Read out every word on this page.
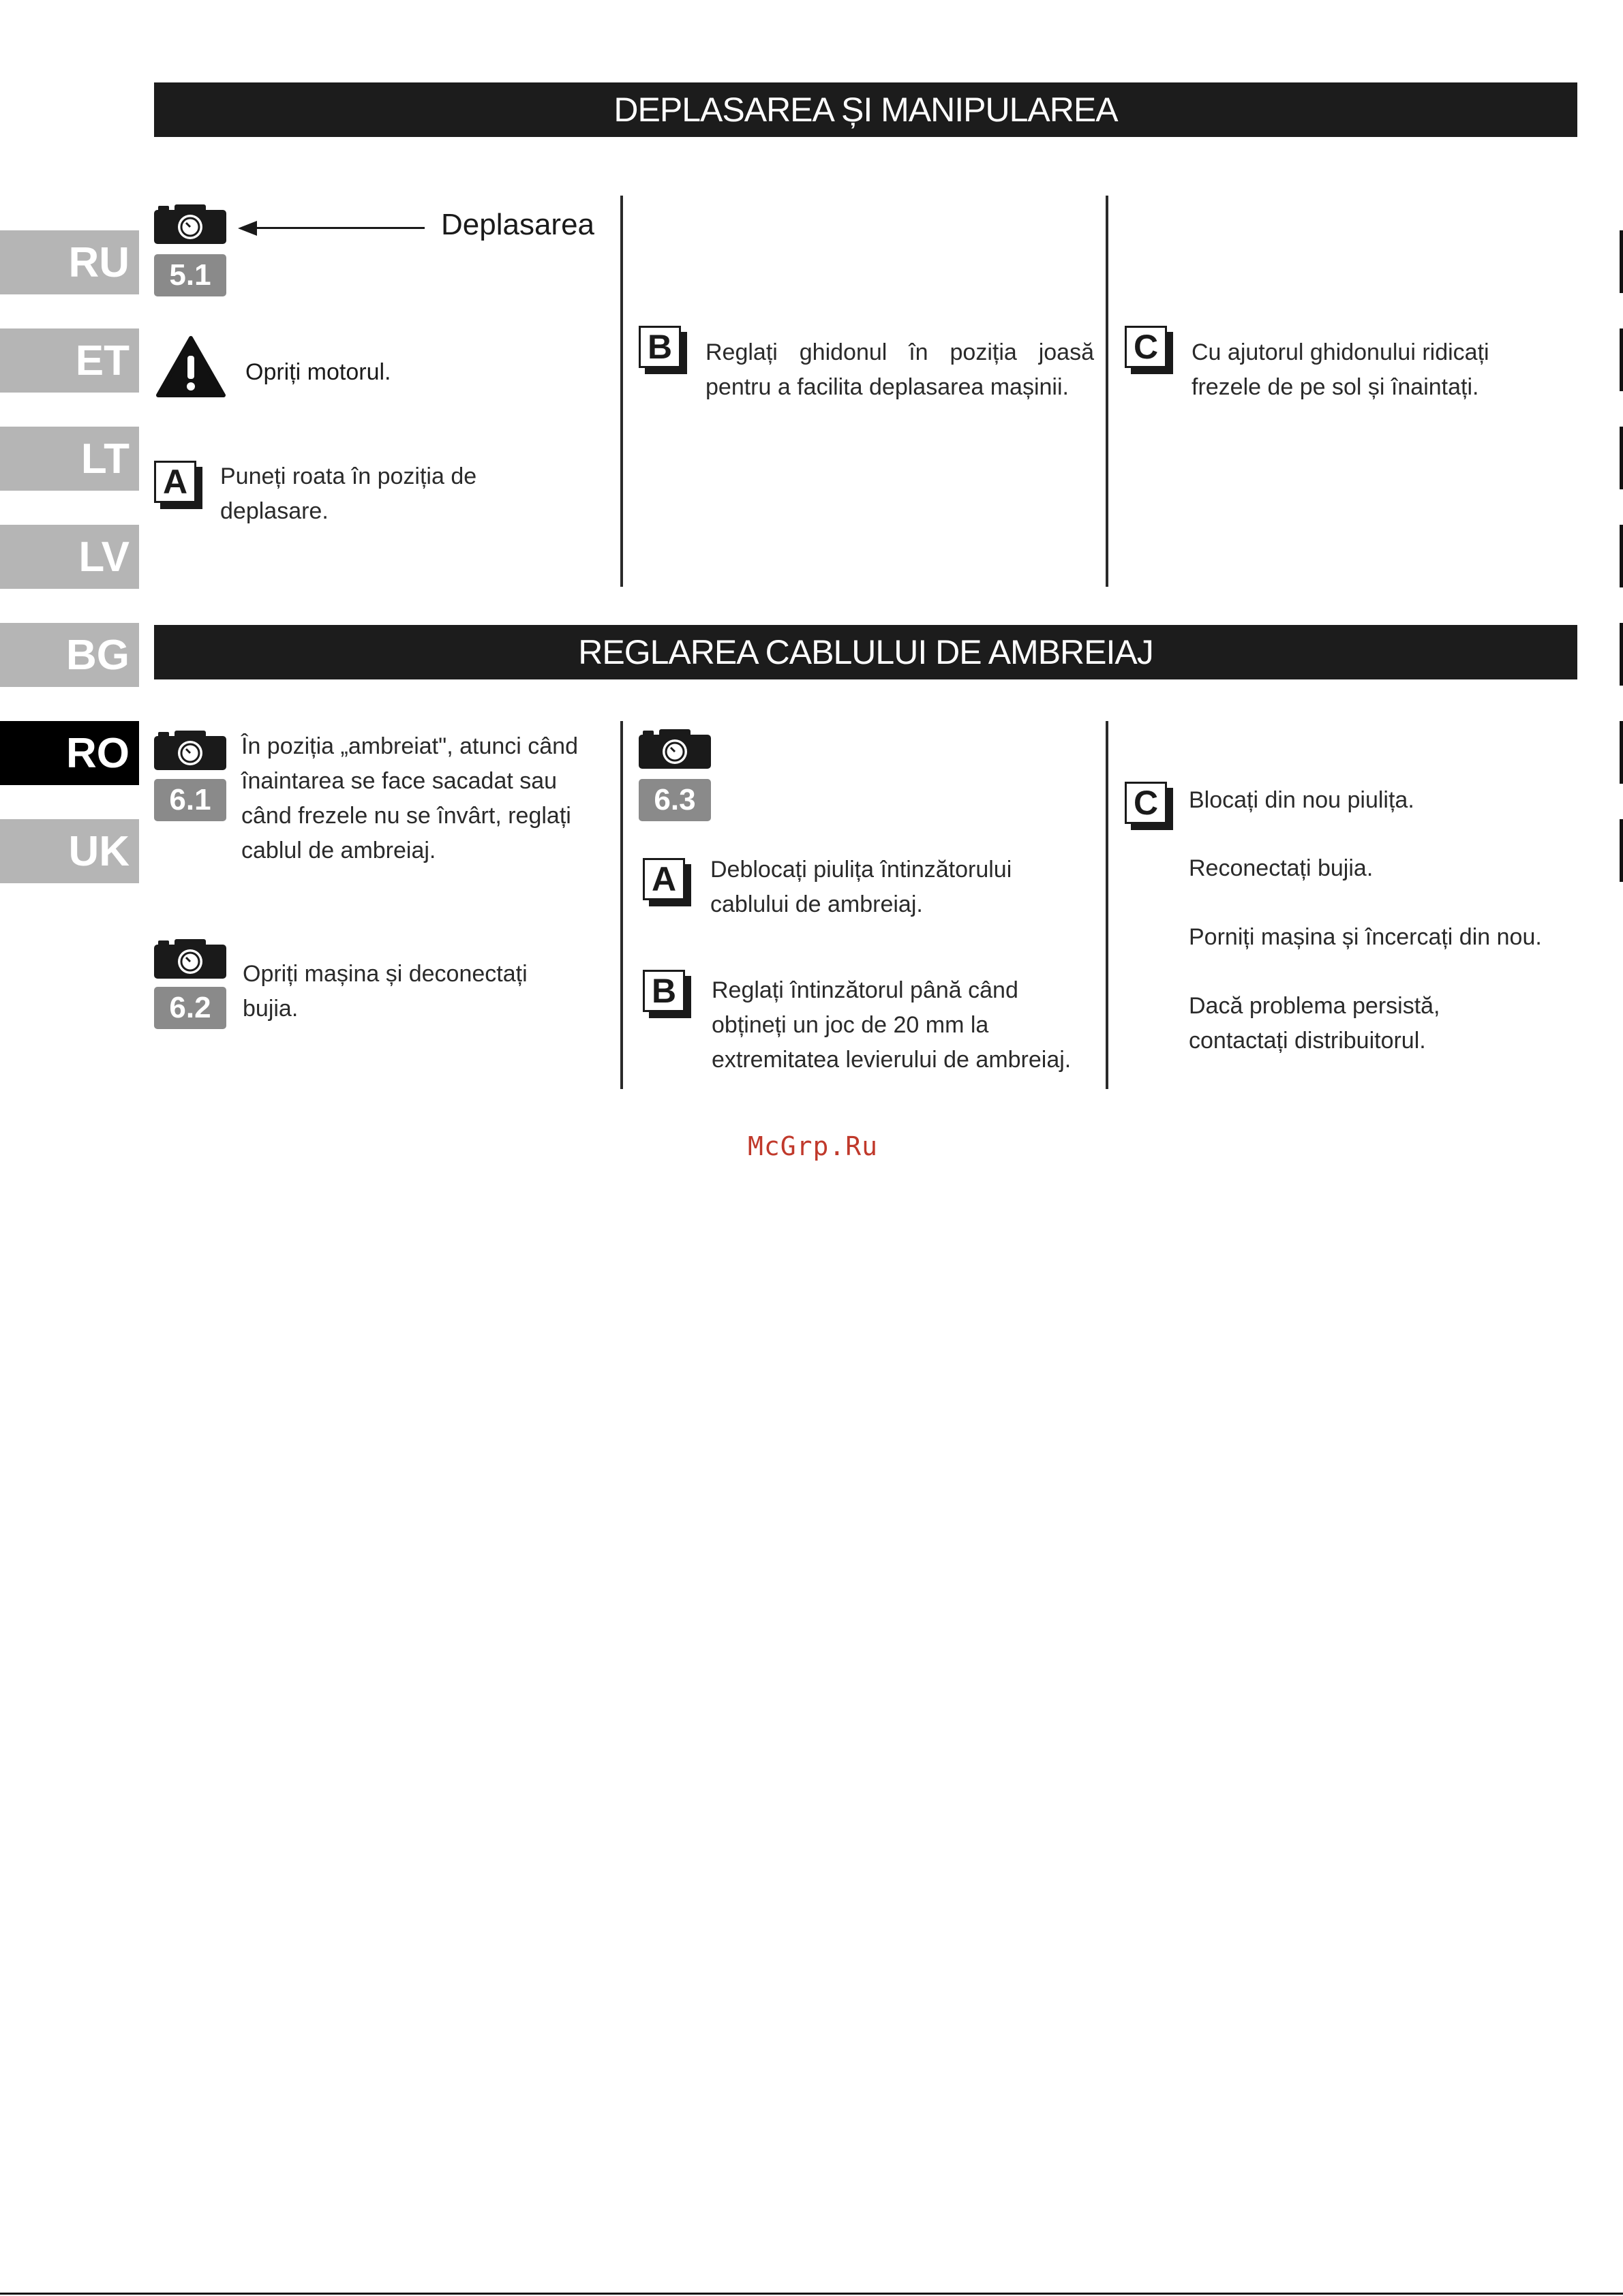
RU
ET
LT
LV
BG
RO
UK
DEPLASAREA ȘI MANIPULAREA
5.1
Deplasarea
Opriți motorul.
A	Puneți roata în poziția de deplasare.
B	Reglați ghidonul în poziția joasă pentru a facilita deplasarea mașinii.
C	Cu ajutorul ghidonului ridicați frezele de pe sol și înaintați.
REGLAREA CABLULUI DE AMBREIAJ
6.1
În poziția „ambreiat", atunci când înaintarea se face sacadat sau când frezele nu se învârt, reglați cablul de ambreiaj.
6.2
Opriți mașina și deconectați bujia.
6.3
A	Deblocați piulița întinzătorului cablului de ambreiaj.
B	Reglați întinzătorul până când obțineți un joc de 20 mm la extremitatea levierului de ambreiaj.
C	Blocați din nou piulița.
Reconectați bujia.
Porniți mașina și încercați din nou.
Dacă problema persistă, contactați distribuitorul.
McGrp.Ru
